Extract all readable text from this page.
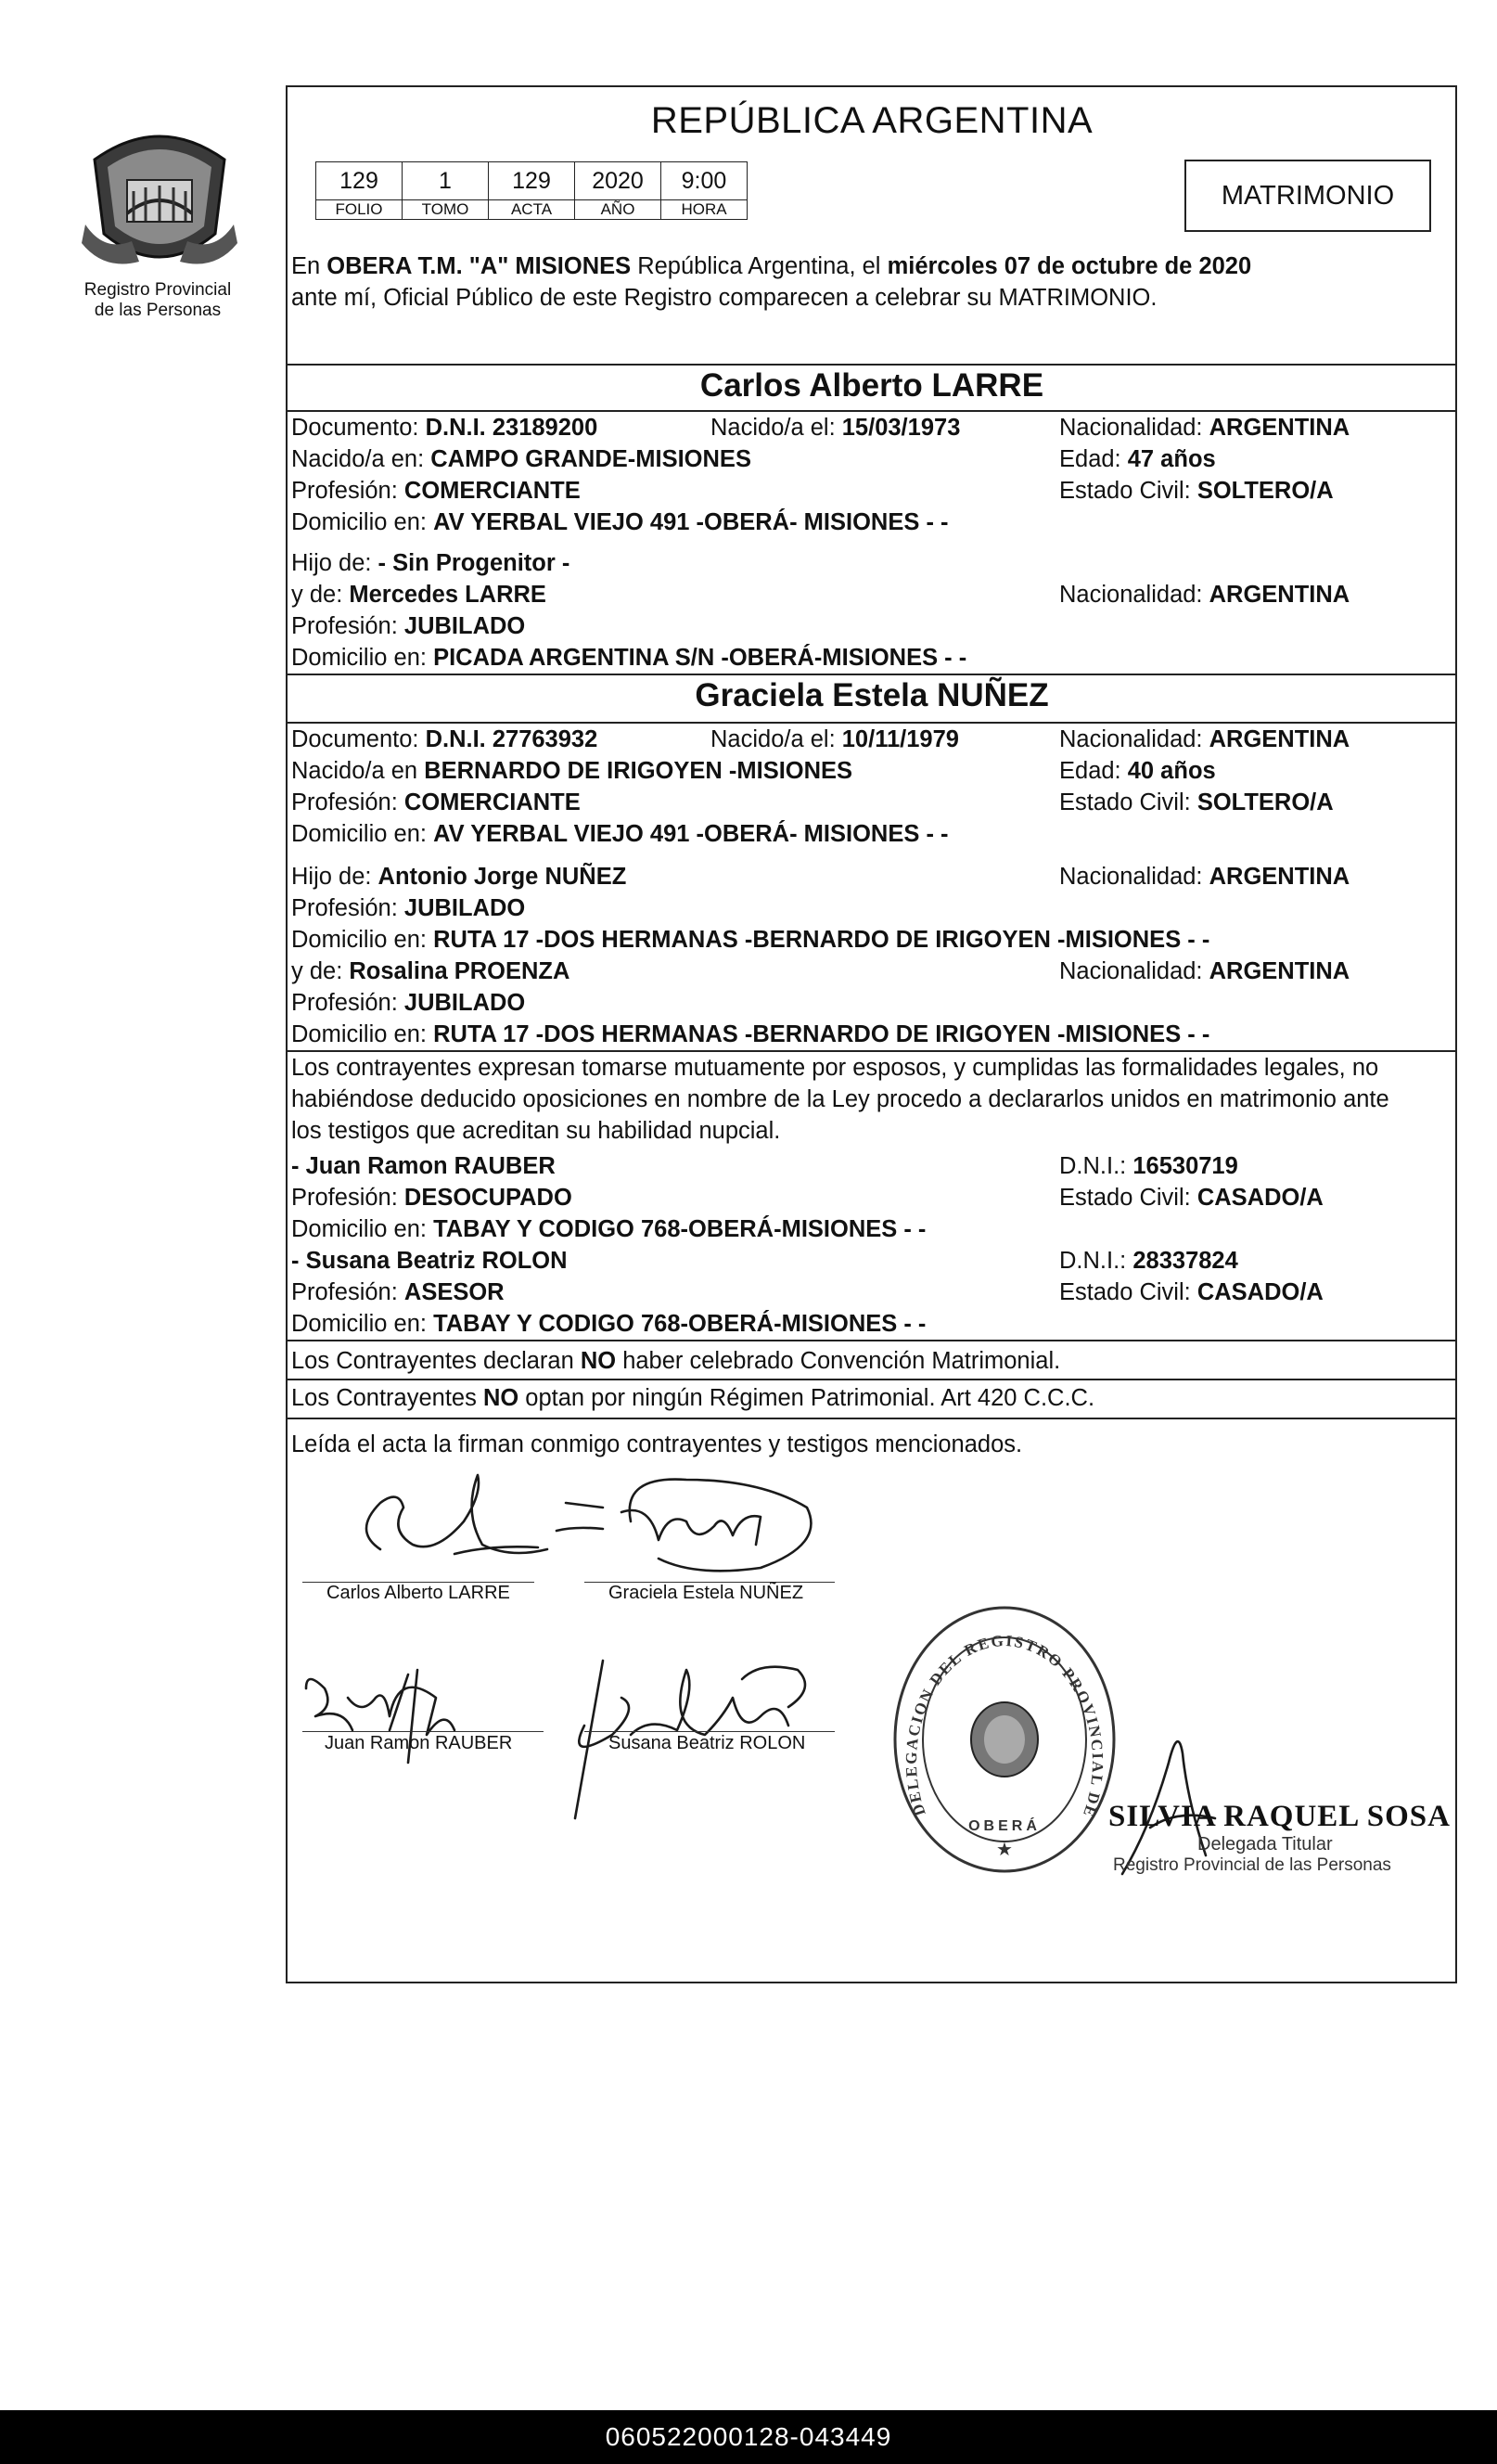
Registro Provincial
de las Personas
REPÚBLICA ARGENTINA
129	1	129	2020	9:00
FOLIO	TOMO	ACTA	AÑO	HORA	MATRIMONIO
En OBERA T.M. "A" MISIONES República Argentina, el miércoles 07 de octubre de 2020
ante mí, Oficial Público de este Registro comparecen a celebrar su MATRIMONIO.
Carlos Alberto LARRE
Documento: D.N.I. 23189200	Nacido/a el: 15/03/1973	Nacionalidad: ARGENTINA
Nacido/a en: CAMPO GRANDE-MISIONES	Edad: 47 años
Profesión: COMERCIANTE	Estado Civil: SOLTERO/A
Domicilio en: AV YERBAL VIEJO 491 -OBERÁ- MISIONES - -
Hijo de: - Sin Progenitor -
y de: Mercedes LARRE	Nacionalidad: ARGENTINA
Profesión: JUBILADO
Domicilio en: PICADA ARGENTINA S/N -OBERÁ-MISIONES - -
Graciela Estela NUÑEZ
Documento: D.N.I. 27763932	Nacido/a el: 10/11/1979	Nacionalidad: ARGENTINA
Nacido/a en BERNARDO DE IRIGOYEN -MISIONES	Edad: 40 años
Profesión: COMERCIANTE	Estado Civil: SOLTERO/A
Domicilio en: AV YERBAL VIEJO 491 -OBERÁ- MISIONES - -
Hijo de: Antonio Jorge NUÑEZ	Nacionalidad: ARGENTINA
Profesión: JUBILADO
Domicilio en: RUTA 17 -DOS HERMANAS -BERNARDO DE IRIGOYEN -MISIONES - -
y de: Rosalina PROENZA	Nacionalidad: ARGENTINA
Profesión: JUBILADO
Domicilio en: RUTA 17 -DOS HERMANAS -BERNARDO DE IRIGOYEN -MISIONES - -
Los contrayentes expresan tomarse mutuamente por esposos, y cumplidas las formalidades legales, no
habiéndose deducido oposiciones en nombre de la Ley procedo a declararlos unidos en matrimonio ante
los testigos que acreditan su habilidad nupcial.
- Juan Ramon RAUBER	D.N.I.: 16530719
Profesión: DESOCUPADO	Estado Civil: CASADO/A
Domicilio en: TABAY Y CODIGO 768-OBERÁ-MISIONES - -
- Susana Beatriz ROLON	D.N.I.: 28337824
Profesión: ASESOR	Estado Civil: CASADO/A
Domicilio en: TABAY Y CODIGO 768-OBERÁ-MISIONES - -
Los Contrayentes declaran NO haber celebrado Convención Matrimonial.
Los Contrayentes NO optan por ningún Régimen Patrimonial. Art 420 C.C.C.
Leída el acta la firman conmigo contrayentes y testigos mencionados.
Carlos Alberto LARRE	Graciela Estela NUÑEZ
Juan Ramon RAUBER	Susana Beatriz ROLON
DELEGACION DEL REGISTRO PROVINCIAL DE
OBERÁ
★
SILVIA RAQUEL SOSA
Delegada Titular
Registro Provincial de las Personas
060522000128-043449
